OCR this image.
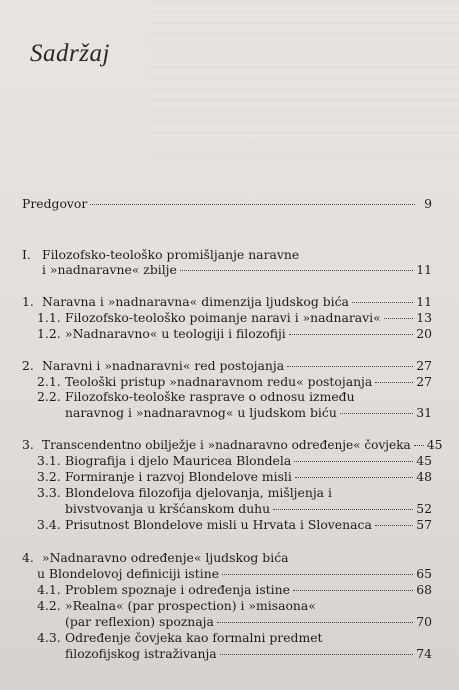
Sadržaj
Predgovor	9
I. Filozofsko-teološko promišljanje naravne
i »nadnaravne« zbilje	11
1. Naravna i »nadnaravna« dimenzija ljudskog bića	11
1.1. Filozofsko-teološko poimanje naravi i »nadnaravi«	13
1.2. »Nadnaravno« u teologiji i filozofiji	20
2. Naravni i »nadnaravni« red postojanja	27
2.1. Teološki pristup »nadnaravnom redu« postojanja	27
2.2. Filozofsko-teološke rasprave o odnosu između
naravnog i »nadnaravnog« u ljudskom biću	31
3. Transcendentno obilježje i »nadnaravno određenje« čovjeka 45
3.1. Biografija i djelo Mauricea Blondela	45
3.2. Formiranje i razvoj Blondelove misli	48
3.3. Blondelova filozofija djelovanja, mišljenja i
bivstvovanja u kršćanskom duhu	52
3.4. Prisutnost Blondelove misli u Hrvata i Slovenaca	57
4. »Nadnaravno određenje« ljudskog bića
u Blondelovoj definiciji istine	65
4.1. Problem spoznaje i određenja istine	68
4.2. »Realna« (par prospection) i »misaona«
(par reflexion) spoznaja	70
4.3. Određenje čovjeka kao formalni predmet
filozofijskog istraživanja	74
